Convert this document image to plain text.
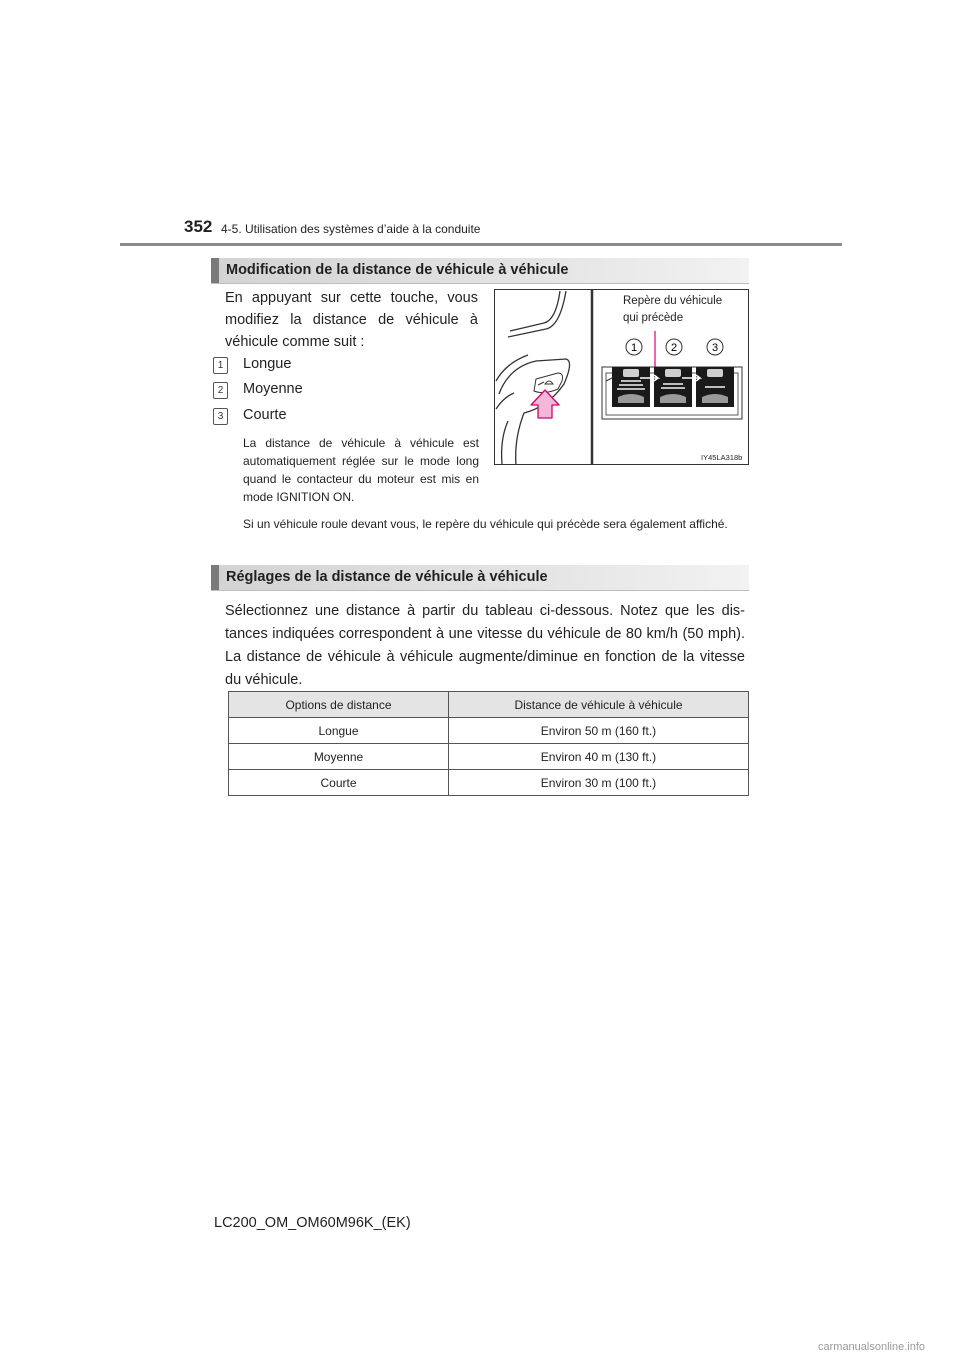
352 4-5. Utilisation des systèmes d’aide à la conduite
Modification de la distance de véhicule à véhicule
En appuyant sur cette touche, vous modifiez la distance de véhicule à véhicule comme suit :
1	Longue
2	Moyenne
3	Courte
La distance de véhicule à véhicule est automatiquement réglée sur le mode long quand le contacteur du moteur est mis en mode IGNITION ON.
Si un véhicule roule devant vous, le repère du véhicule qui précède sera également affiché.
Repère du véhicule
qui précède
1	2	3
IY45LA318b
Réglages de la distance de véhicule à véhicule
Sélectionnez une distance à partir du tableau ci-dessous. Notez que les dis-tances indiquées correspondent à une vitesse du véhicule de 80 km/h (50 mph). La distance de véhicule à véhicule augmente/diminue en fonction de la vitesse du véhicule.
Options de distance	Distance de véhicule à véhicule
Longue	Environ 50 m (160 ft.)
Moyenne	Environ 40 m (130 ft.)
Courte	Environ 30 m (100 ft.)
LC200_OM_OM60M96K_(EK)
carmanualsonline.info
